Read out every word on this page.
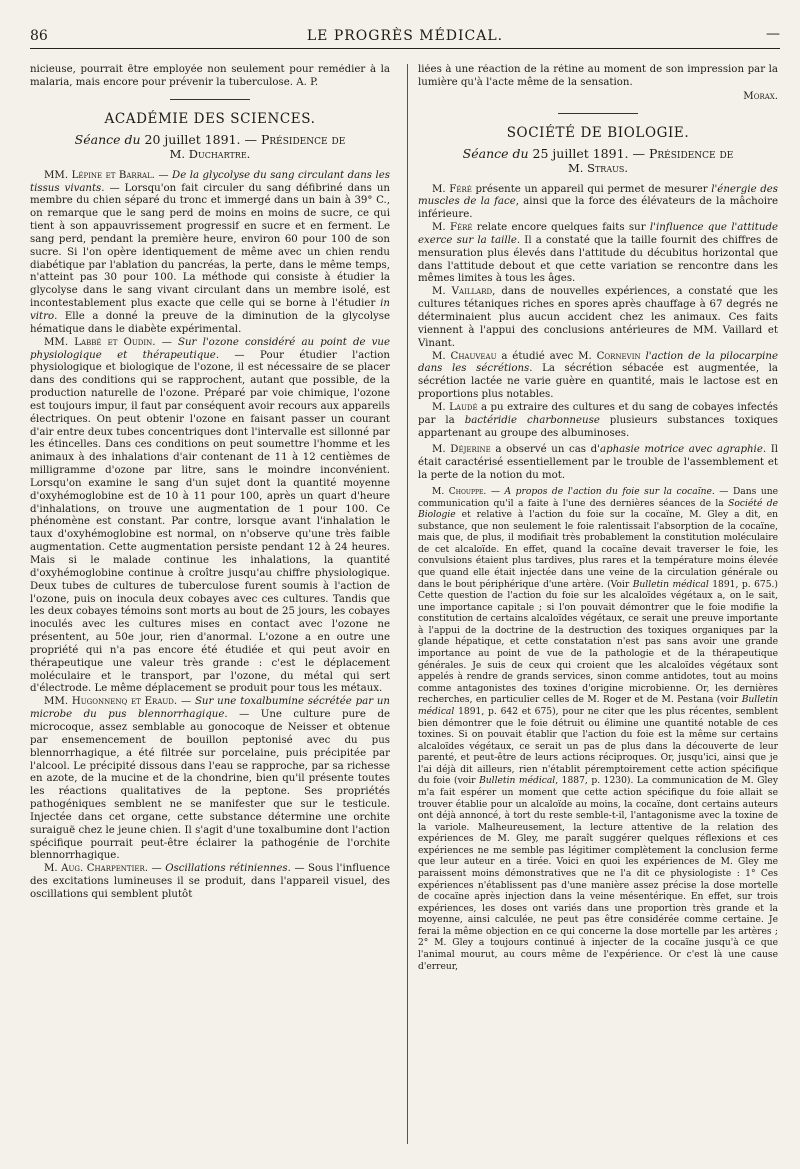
86	LE PROGRÈS MÉDICAL.	—

nicieuse, pourrait être employée non seulement pour remédier à la malaria, mais encore pour prévenir la tuberculose. A. P.

ACADÉMIE DES SCIENCES.
Séance du 20 juillet 1891. — Présidence de
M. Duchartre.

MM. Lépine et Barral. — De la glycolyse du sang circulant dans les tissus vivants. — Lorsqu'on fait circuler du sang défibriné dans un membre du chien séparé du tronc et immergé dans un bain à 39° C., on remarque que le sang perd de moins en moins de sucre, ce qui tient à son appauvrissement progressif en sucre et en ferment. Le sang perd, pendant la première heure, environ 60 pour 100 de son sucre. Si l'on opère identiquement de même avec un chien rendu diabétique par l'ablation du pancréas, la perte, dans le même temps, n'atteint pas 30 pour 100. La méthode qui consiste à étudier la glycolyse dans le sang vivant circulant dans un membre isolé, est incontestablement plus exacte que celle qui se borne à l'étudier in vitro. Elle a donné la preuve de la diminution de la glycolyse hématique dans le diabète expérimental.

MM. Labbé et Oudin. — Sur l'ozone considéré au point de vue physiologique et thérapeutique. — Pour étudier l'action physiologique et biologique de l'ozone, il est nécessaire de se placer dans des conditions qui se rapprochent, autant que possible, de la production naturelle de l'ozone. Préparé par voie chimique, l'ozone est toujours impur, il faut par conséquent avoir recours aux appareils électriques. On peut obtenir l'ozone en faisant passer un courant d'air entre deux tubes concentriques dont l'intervalle est sillonné par les étincelles. Dans ces conditions on peut soumettre l'homme et les animaux à des inhalations d'air contenant de 11 à 12 centièmes de milligramme d'ozone par litre, sans le moindre inconvénient. Lorsqu'on examine le sang d'un sujet dont la quantité moyenne d'oxyhémoglobine est de 10 à 11 pour 100, après un quart d'heure d'inhalations, on trouve une augmentation de 1 pour 100. Ce phénomène est constant. Par contre, lorsque avant l'inhalation le taux d'oxyhémoglobine est normal, on n'observe qu'une très faible augmentation. Cette augmentation persiste pendant 12 à 24 heures. Mais si le malade continue les inhalations, la quantité d'oxyhémoglobine continue à croître jusqu'au chiffre physiologique. Deux tubes de cultures de tuberculose furent soumis à l'action de l'ozone, puis on inocula deux cobayes avec ces cultures. Tandis que les deux cobayes témoins sont morts au bout de 25 jours, les cobayes inoculés avec les cultures mises en contact avec l'ozone ne présentent, au 50e jour, rien d'anormal. L'ozone a en outre une propriété qui n'a pas encore été étudiée et qui peut avoir en thérapeutique une valeur très grande : c'est le déplacement moléculaire et le transport, par l'ozone, du métal qui sert d'électrode. Le même déplacement se produit pour tous les métaux.

MM. Hugonnenq et Eraud. — Sur une toxalbumine sécrétée par un microbe du pus blennorrhagique. — Une culture pure de microcoque, assez semblable au gonocoque de Neisser et obtenue par ensemencement de bouillon peptonisé avec du pus blennorrhagique, a été filtrée sur porcelaine, puis précipitée par l'alcool. Le précipité dissous dans l'eau se rapproche, par sa richesse en azote, de la mucine et de la chondrine, bien qu'il présente toutes les réactions qualitatives de la peptone. Ses propriétés pathogéniques semblent ne se manifester que sur le testicule. Injectée dans cet organe, cette substance détermine une orchite suraiguë chez le jeune chien. Il s'agit d'une toxalbumine dont l'action spécifique pourrait peut-être éclairer la pathogénie de l'orchite blennorrhagique.

M. Aug. Charpentier. — Oscillations rétiniennes. — Sous l'influence des excitations lumineuses il se produit, dans l'appareil visuel, des oscillations qui semblent plutôt

liées à une réaction de la rétine au moment de son impression par la lumière qu'à l'acte même de la sensation.

Morax.

SOCIÉTÉ DE BIOLOGIE.
Séance du 25 juillet 1891. — Présidence de
M. Straus.

M. Féré présente un appareil qui permet de mesurer l'énergie des muscles de la face, ainsi que la force des élévateurs de la mâchoire inférieure.

M. Féré relate encore quelques faits sur l'influence que l'attitude exerce sur la taille. Il a constaté que la taille fournit des chiffres de mensuration plus élevés dans l'attitude du décubitus horizontal que dans l'attitude debout et que cette variation se rencontre dans les mêmes limites à tous les âges.

M. Vaillard, dans de nouvelles expériences, a constaté que les cultures tétaniques riches en spores après chauffage à 67 degrés ne déterminaient plus aucun accident chez les animaux. Ces faits viennent à l'appui des conclusions antérieures de MM. Vaillard et Vinant.

M. Chauveau a étudié avec M. Cornevin l'action de la pilocarpine dans les sécrétions. La sécrétion sébacée est augmentée, la sécrétion lactée ne varie guère en quantité, mais le lactose est en proportions plus notables.

M. Laudé a pu extraire des cultures et du sang de cobayes infectés par la bactéridie charbonneuse plusieurs substances toxiques appartenant au groupe des albuminoses.

M. Déjerine a observé un cas d'aphasie motrice avec agraphie. Il était caractérisé essentiellement par le trouble de l'assemblement et la perte de la notion du mot.

M. Chouppe. — A propos de l'action du foie sur la cocaïne. — Dans une communication qu'il a faite à l'une des dernières séances de la Société de Biologie et relative à l'action du foie sur la cocaïne, M. Gley a dit, en substance, que non seulement le foie ralentissait l'absorption de la cocaïne, mais que, de plus, il modifiait très probablement la constitution moléculaire de cet alcaloïde. En effet, quand la cocaïne devait traverser le foie, les convulsions étaient plus tardives, plus rares et la température moins élevée que quand elle était injectée dans une veine de la circulation générale ou dans le bout périphérique d'une artère. (Voir Bulletin médical 1891, p. 675.) Cette question de l'action du foie sur les alcaloïdes végétaux a, on le sait, une importance capitale ; si l'on pouvait démontrer que le foie modifie la constitution de certains alcaloïdes végétaux, ce serait une preuve importante à l'appui de la doctrine de la destruction des toxiques organiques par la glande hépatique, et cette constatation n'est pas sans avoir une grande importance au point de vue de la pathologie et de la thérapeutique générales. Je suis de ceux qui croient que les alcaloïdes végétaux sont appelés à rendre de grands services, sinon comme antidotes, tout au moins comme antagonistes des toxines d'origine microbienne. Or, les dernières recherches, en particulier celles de M. Roger et de M. Pestana (voir Bulletin médical 1891, p. 642 et 675), pour ne citer que les plus récentes, semblent bien démontrer que le foie détruit ou élimine une quantité notable de ces toxines. Si on pouvait établir que l'action du foie est la même sur certains alcaloïdes végétaux, ce serait un pas de plus dans la découverte de leur parenté, et peut-être de leurs actions réciproques. Or, jusqu'ici, ainsi que je l'ai déjà dit ailleurs, rien n'établit péremptoirement cette action spécifique du foie (voir Bulletin médical, 1887, p. 1230). La communication de M. Gley m'a fait espérer un moment que cette action spécifique du foie allait se trouver établie pour un alcaloïde au moins, la cocaïne, dont certains auteurs ont déjà annoncé, à tort du reste semble-t-il, l'antagonisme avec la toxine de la variole. Malheureusement, la lecture attentive de la relation des expériences de M. Gley, me paraît suggérer quelques réflexions et ces expériences ne me semble pas légitimer complètement la conclusion ferme que leur auteur en a tirée. Voici en quoi les expériences de M. Gley me paraissent moins démonstratives que ne l'a dit ce physiologiste : 1° Ces expériences n'établissent pas d'une manière assez précise la dose mortelle de cocaïne après injection dans la veine mésentérique. En effet, sur trois expériences, les doses ont variés dans une proportion très grande et la moyenne, ainsi calculée, ne peut pas être considérée comme certaine. Je ferai la même objection en ce qui concerne la dose mortelle par les artères ; 2° M. Gley a toujours continué à injecter de la cocaïne jusqu'à ce que l'animal mourut, au cours même de l'expérience. Or c'est là une cause d'erreur,
